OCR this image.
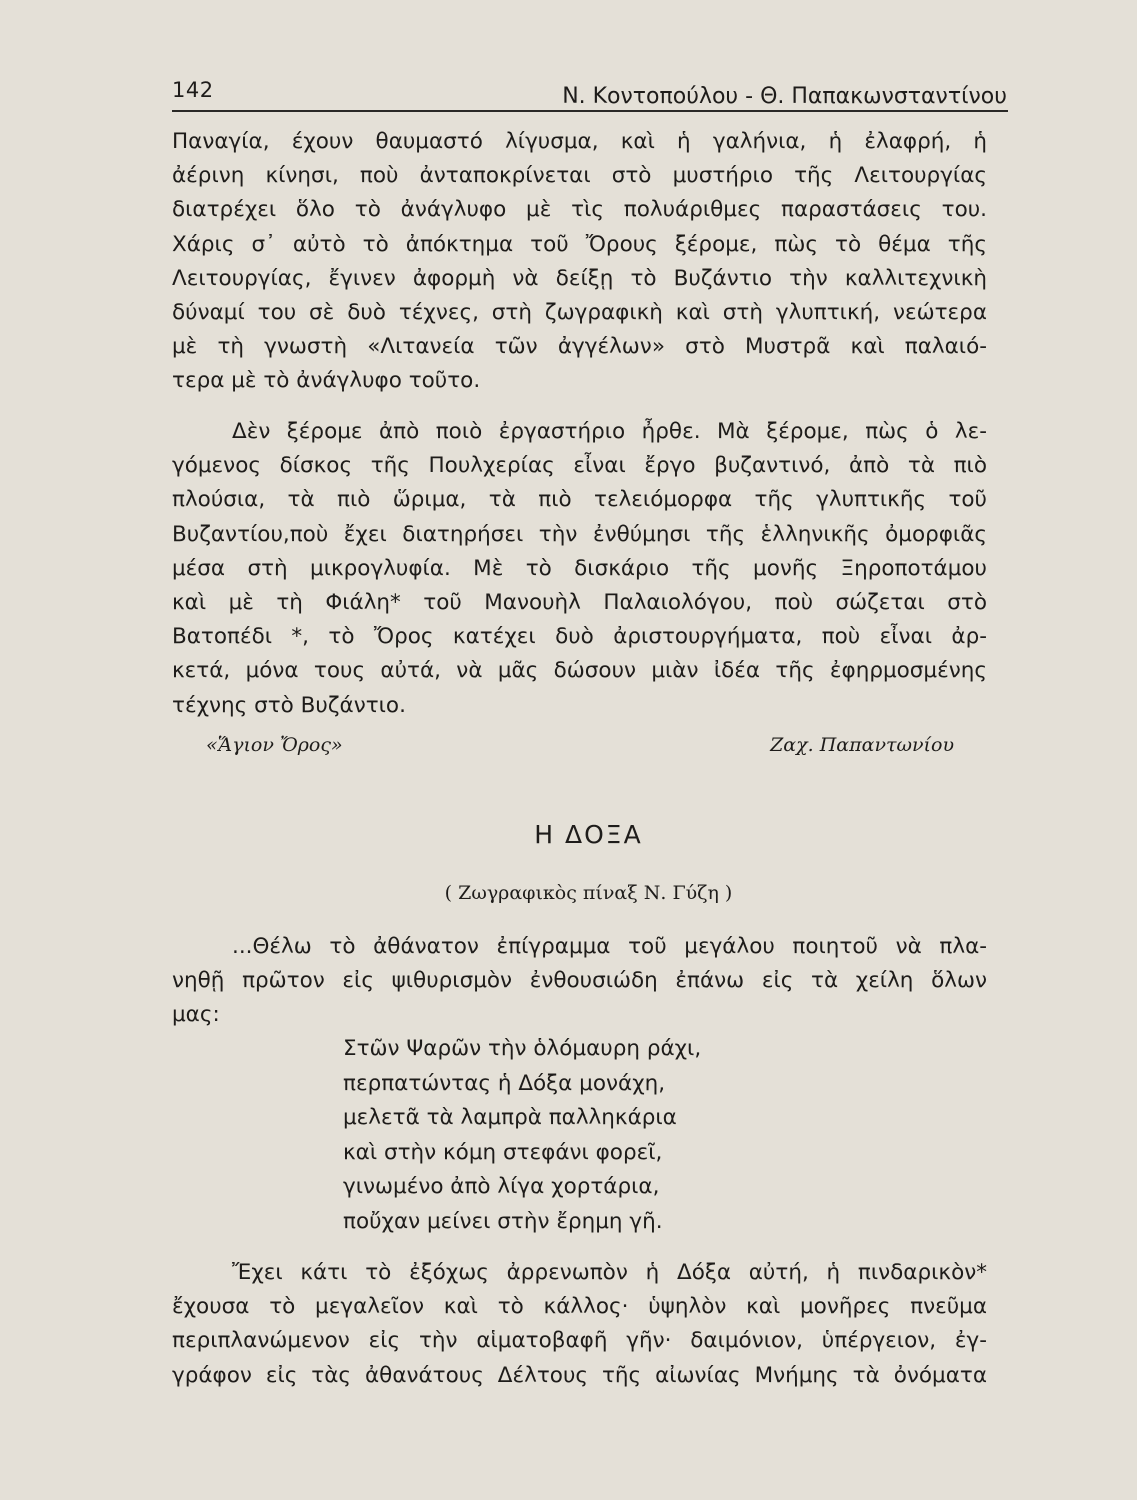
142	Ν. Κοντοπούλου - Θ. Παπακωνσταντίνου
Παναγία, έχουν θαυμαστό λίγυσμα, καὶ ἡ γαλήνια, ἡ ἐλαφρή, ἡ
ἀέρινη κίνησι, ποὺ ἀνταποκρίνεται στὸ μυστήριο τῆς Λειτουργίας
διατρέχει ὅλο τὸ ἀνάγλυφο μὲ τὶς πολυάριθμες παραστάσεις του.
Χάρις σ᾽ αὐτὸ τὸ ἀπόκτημα τοῦ Ὄρους ξέρομε, πὼς τὸ θέμα τῆς
Λειτουργίας, ἔγινεν ἀφορμὴ νὰ δείξῃ τὸ Βυζάντιο τὴν καλλιτεχνικὴ
δύναμί του σὲ δυὸ τέχνες, στὴ ζωγραφικὴ καὶ στὴ γλυπτική, νεώτερα
μὲ τὴ γνωστὴ «Λιτανεία τῶν ἀγγέλων» στὸ Μυστρᾶ καὶ παλαιό-
τερα μὲ τὸ ἀνάγλυφο τοῦτο.
Δὲν ξέρομε ἀπὸ ποιὸ ἐργαστήριο ἦρθε. Μὰ ξέρομε, πὼς ὁ λε-
γόμενος δίσκος τῆς Πουλχερίας εἶναι ἔργο βυζαντινό, ἀπὸ τὰ πιὸ
πλούσια, τὰ πιὸ ὥριμα, τὰ πιὸ τελειόμορφα τῆς γλυπτικῆς τοῦ
Βυζαντίου,ποὺ ἔχει διατηρήσει τὴν ἐνθύμησι τῆς ἑλληνικῆς ὀμορφιᾶς
μέσα στὴ μικρογλυφία. Μὲ τὸ δισκάριο τῆς μονῆς Ξηροποτάμου
καὶ μὲ τὴ Φιάλη* τοῦ Μανουὴλ Παλαιολόγου, ποὺ σώζεται στὸ
Βατοπέδι *, τὸ Ὄρος κατέχει δυὸ ἀριστουργήματα, ποὺ εἶναι ἀρ-
κετά, μόνα τους αὐτά, νὰ μᾶς δώσουν μιὰν ἰδέα τῆς ἐφηρμοσμένης
τέχνης στὸ Βυζάντιο.
«Ἅγιον Ὄρος»	Ζαχ. Παπαντωνίου
Η ΔΟΞΑ
( Ζωγραφικὸς πίναξ Ν. Γύζη )
...Θέλω τὸ ἀθάνατον ἐπίγραμμα τοῦ μεγάλου ποιητοῦ νὰ πλα-
νηθῇ πρῶτον εἰς ψιθυρισμὸν ἐνθουσιώδη ἐπάνω εἰς τὰ χείλη ὅλων
μας:
Στῶν Ψαρῶν τὴν ὁλόμαυρη ράχι,
περπατώντας ἡ Δόξα μονάχη,
μελετᾶ τὰ λαμπρὰ παλληκάρια
καὶ στὴν κόμη στεφάνι φορεῖ,
γινωμένο ἀπὸ λίγα χορτάρια,
ποὔχαν μείνει στὴν ἔρημη γῆ.
Ἔχει κάτι τὸ ἐξόχως ἀρρενωπὸν ἡ Δόξα αὐτή, ἡ πινδαρικὸν*
ἔχουσα τὸ μεγαλεῖον καὶ τὸ κάλλος· ὑψηλὸν καὶ μονῆρες πνεῦμα
περιπλανώμενον εἰς τὴν αἱματοβαφῆ γῆν· δαιμόνιον, ὑπέργειον, ἐγ-
γράφον εἰς τὰς ἀθανάτους Δέλτους τῆς αἰωνίας Μνήμης τὰ ὀνόματα
